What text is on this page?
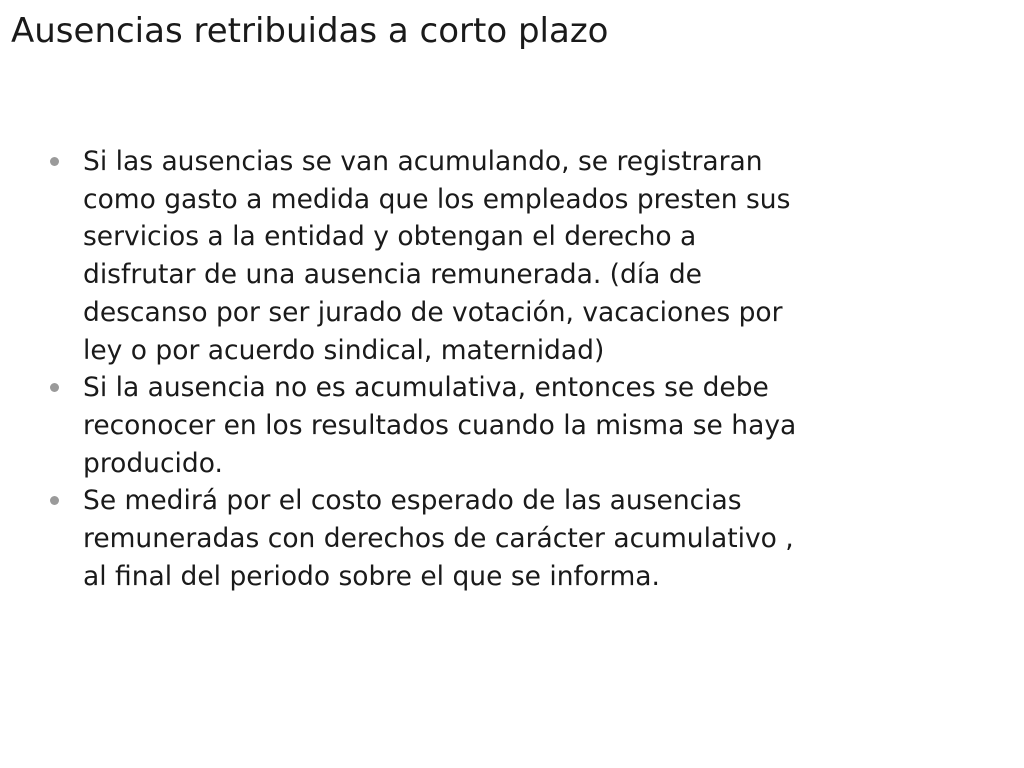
Ausencias retribuidas a corto plazo
Si las ausencias se van acumulando, se registraran
como gasto a medida que los empleados presten sus
servicios a la entidad y obtengan el derecho a
disfrutar de una ausencia remunerada. (día de
descanso por ser jurado de votación, vacaciones por
ley o por acuerdo sindical, maternidad)
Si la ausencia no es acumulativa, entonces se debe
reconocer en los resultados cuando la misma se haya
producido.
Se medirá por el costo esperado de las ausencias
remuneradas con derechos de carácter acumulativo ,
al final del periodo sobre el que se informa.
